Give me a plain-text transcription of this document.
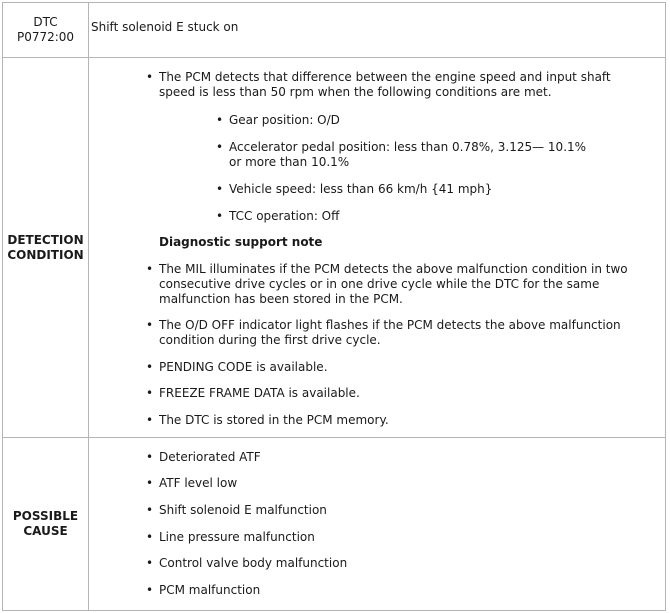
DTC P0772:00
Shift solenoid E stuck on
DETECTION CONDITION
• The PCM detects that difference between the engine speed and input shaft speed is less than 50 rpm when the following conditions are met.
• Gear position: O/D
• Accelerator pedal position: less than 0.78%, 3.125— 10.1% or more than 10.1%
• Vehicle speed: less than 66 km/h {41 mph}
• TCC operation: Off
Diagnostic support note
• The MIL illuminates if the PCM detects the above malfunction condition in two consecutive drive cycles or in one drive cycle while the DTC for the same malfunction has been stored in the PCM.
• The O/D OFF indicator light flashes if the PCM detects the above malfunction condition during the first drive cycle.
• PENDING CODE is available.
• FREEZE FRAME DATA is available.
• The DTC is stored in the PCM memory.
POSSIBLE CAUSE
• Deteriorated ATF
• ATF level low
• Shift solenoid E malfunction
• Line pressure malfunction
• Control valve body malfunction
• PCM malfunction
